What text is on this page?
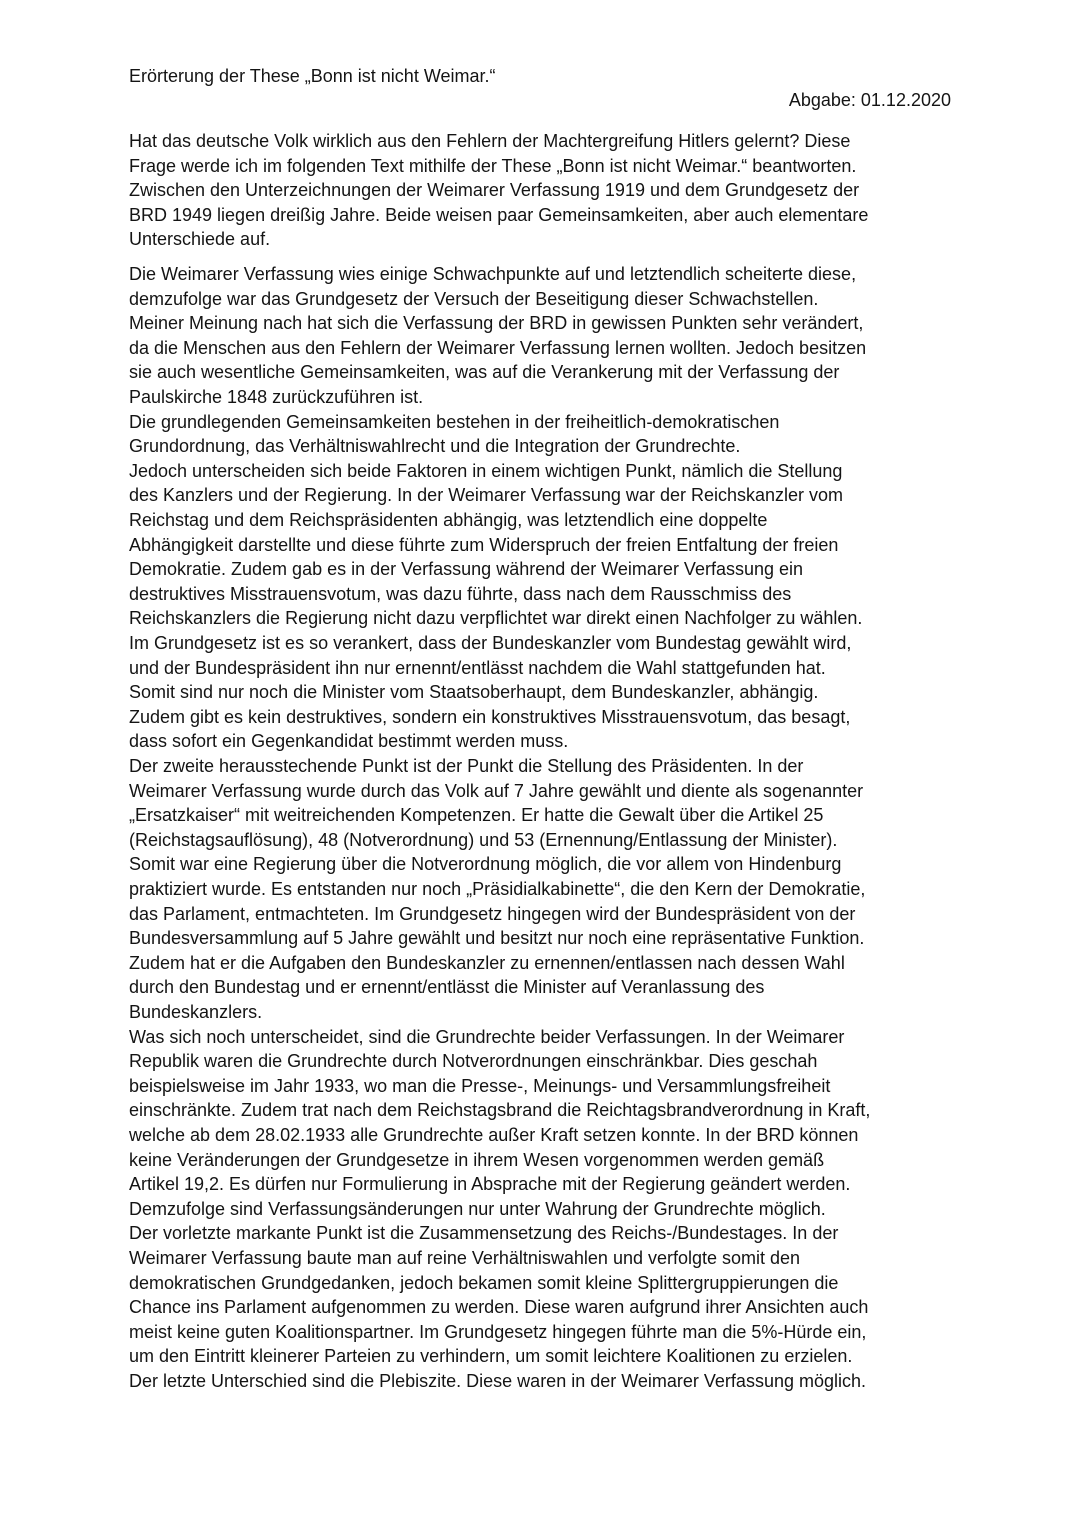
Erörterung der These „Bonn ist nicht Weimar.“
Abgabe: 01.12.2020
Hat das deutsche Volk wirklich aus den Fehlern der Machtergreifung Hitlers gelernt? Diese
Frage werde ich im folgenden Text mithilfe der These „Bonn ist nicht Weimar.“ beantworten.
Zwischen den Unterzeichnungen der Weimarer Verfassung 1919 und dem Grundgesetz der
BRD 1949 liegen dreißig Jahre. Beide weisen paar Gemeinsamkeiten, aber auch elementare
Unterschiede auf.
Die Weimarer Verfassung wies einige Schwachpunkte auf und letztendlich scheiterte diese,
demzufolge war das Grundgesetz der Versuch der Beseitigung dieser Schwachstellen.
Meiner Meinung nach hat sich die Verfassung der BRD in gewissen Punkten sehr verändert,
da die Menschen aus den Fehlern der Weimarer Verfassung lernen wollten. Jedoch besitzen
sie auch wesentliche Gemeinsamkeiten, was auf die Verankerung mit der Verfassung der
Paulskirche 1848 zurückzuführen ist.
Die grundlegenden Gemeinsamkeiten bestehen in der freiheitlich-demokratischen
Grundordnung, das Verhältniswahlrecht und die Integration der Grundrechte.
Jedoch unterscheiden sich beide Faktoren in einem wichtigen Punkt, nämlich die Stellung
des Kanzlers und der Regierung. In der Weimarer Verfassung war der Reichskanzler vom
Reichstag und dem Reichspräsidenten abhängig, was letztendlich eine doppelte
Abhängigkeit darstellte und diese führte zum Widerspruch der freien Entfaltung der freien
Demokratie. Zudem gab es in der Verfassung während der Weimarer Verfassung ein
destruktives Misstrauensvotum, was dazu führte, dass nach dem Rausschmiss des
Reichskanzlers die Regierung nicht dazu verpflichtet war direkt einen Nachfolger zu wählen.
Im Grundgesetz ist es so verankert, dass der Bundeskanzler vom Bundestag gewählt wird,
und der Bundespräsident ihn nur ernennt/entlässt nachdem die Wahl stattgefunden hat.
Somit sind nur noch die Minister vom Staatsoberhaupt, dem Bundeskanzler, abhängig.
Zudem gibt es kein destruktives, sondern ein konstruktives Misstrauensvotum, das besagt,
dass sofort ein Gegenkandidat bestimmt werden muss.
Der zweite herausstechende Punkt ist der Punkt die Stellung des Präsidenten. In der
Weimarer Verfassung wurde durch das Volk auf 7 Jahre gewählt und diente als sogenannter
„Ersatzkaiser“ mit weitreichenden Kompetenzen. Er hatte die Gewalt über die Artikel 25
(Reichstagsauflösung), 48 (Notverordnung) und 53 (Ernennung/Entlassung der Minister).
Somit war eine Regierung über die Notverordnung möglich, die vor allem von Hindenburg
praktiziert wurde. Es entstanden nur noch „Präsidialkabinette“, die den Kern der Demokratie,
das Parlament, entmachteten. Im Grundgesetz hingegen wird der Bundespräsident von der
Bundesversammlung auf 5 Jahre gewählt und besitzt nur noch eine repräsentative Funktion.
Zudem hat er die Aufgaben den Bundeskanzler zu ernennen/entlassen nach dessen Wahl
durch den Bundestag und er ernennt/entlässt die Minister auf Veranlassung des
Bundeskanzlers.
Was sich noch unterscheidet, sind die Grundrechte beider Verfassungen. In der Weimarer
Republik waren die Grundrechte durch Notverordnungen einschränkbar. Dies geschah
beispielsweise im Jahr 1933, wo man die Presse-, Meinungs- und Versammlungsfreiheit
einschränkte. Zudem trat nach dem Reichstagsbrand die Reichtagsbrandverordnung in Kraft,
welche ab dem 28.02.1933 alle Grundrechte außer Kraft setzen konnte. In der BRD können
keine Veränderungen der Grundgesetze in ihrem Wesen vorgenommen werden gemäß
Artikel 19,2. Es dürfen nur Formulierung in Absprache mit der Regierung geändert werden.
Demzufolge sind Verfassungsänderungen nur unter Wahrung der Grundrechte möglich.
Der vorletzte markante Punkt ist die Zusammensetzung des Reichs-/Bundestages. In der
Weimarer Verfassung baute man auf reine Verhältniswahlen und verfolgte somit den
demokratischen Grundgedanken, jedoch bekamen somit kleine Splittergruppierungen die
Chance ins Parlament aufgenommen zu werden. Diese waren aufgrund ihrer Ansichten auch
meist keine guten Koalitionspartner. Im Grundgesetz hingegen führte man die 5%-Hürde ein,
um den Eintritt kleinerer Parteien zu verhindern, um somit leichtere Koalitionen zu erzielen.
Der letzte Unterschied sind die Plebiszite. Diese waren in der Weimarer Verfassung möglich.
